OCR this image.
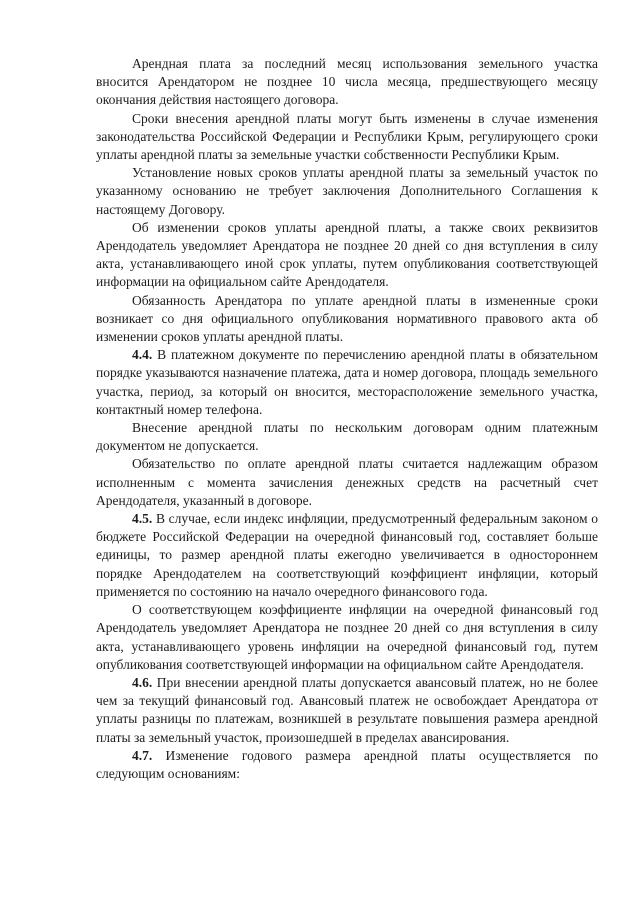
Арендная плата за последний месяц использования земельного участка вносится Арендатором не позднее 10 числа месяца, предшествующего месяцу окончания действия настоящего договора.

Сроки внесения арендной платы могут быть изменены в случае изменения законодательства Российской Федерации и Республики Крым, регулирующего сроки уплаты арендной платы за земельные участки собственности Республики Крым.

Установление новых сроков уплаты арендной платы за земельный участок по указанному основанию не требует заключения Дополнительного Соглашения к настоящему Договору.

Об изменении сроков уплаты арендной платы, а также своих реквизитов Арендодатель уведомляет Арендатора не позднее 20 дней со дня вступления в силу акта, устанавливающего иной срок уплаты, путем опубликования соответствующей информации на официальном сайте Арендодателя.

Обязанность Арендатора по уплате арендной платы в измененные сроки возникает со дня официального опубликования нормативного правового акта об изменении сроков уплаты арендной платы.

4.4. В платежном документе по перечислению арендной платы в обязательном порядке указываются назначение платежа, дата и номер договора, площадь земельного участка, период, за который он вносится, месторасположение земельного участка, контактный номер телефона.

Внесение арендной платы по нескольким договорам одним платежным документом не допускается.

Обязательство по оплате арендной платы считается надлежащим образом исполненным с момента зачисления денежных средств на расчетный счет Арендодателя, указанный в договоре.

4.5. В случае, если индекс инфляции, предусмотренный федеральным законом о бюджете Российской Федерации на очередной финансовый год, составляет больше единицы, то размер арендной платы ежегодно увеличивается в одностороннем порядке Арендодателем на соответствующий коэффициент инфляции, который применяется по состоянию на начало очередного финансового года.

О соответствующем коэффициенте инфляции на очередной финансовый год Арендодатель уведомляет Арендатора не позднее 20 дней со дня вступления в силу акта, устанавливающего уровень инфляции на очередной финансовый год, путем опубликования соответствующей информации на официальном сайте Арендодателя.

4.6. При внесении арендной платы допускается авансовый платеж, но не более чем за текущий финансовый год. Авансовый платеж не освобождает Арендатора от уплаты разницы по платежам, возникшей в результате повышения размера арендной платы за земельный участок, произошедшей в пределах авансирования.

4.7. Изменение годового размера арендной платы осуществляется по следующим основаниям:
